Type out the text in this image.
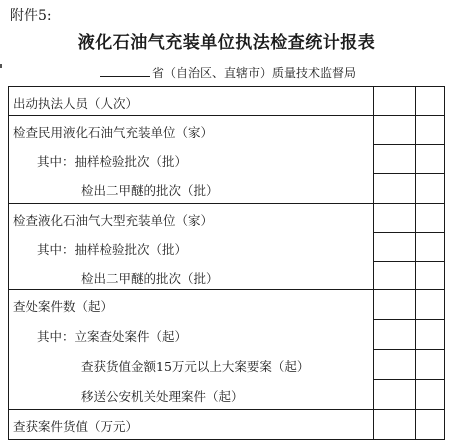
附件5:
液化石油气充装单位执法检查统计报表
省（自治区、直辖市）质量技术监督局
出动执法人员（人次）
检查民用液化石油气充装单位（家）
其中：抽样检验批次（批）
检出二甲醚的批次（批）
检查液化石油气大型充装单位（家）
其中：抽样检验批次（批）
检出二甲醚的批次（批）
查处案件数（起）
其中：立案查处案件（起）
查获货值金额15万元以上大案要案（起）
移送公安机关处理案件（起）
查获案件货值（万元）
